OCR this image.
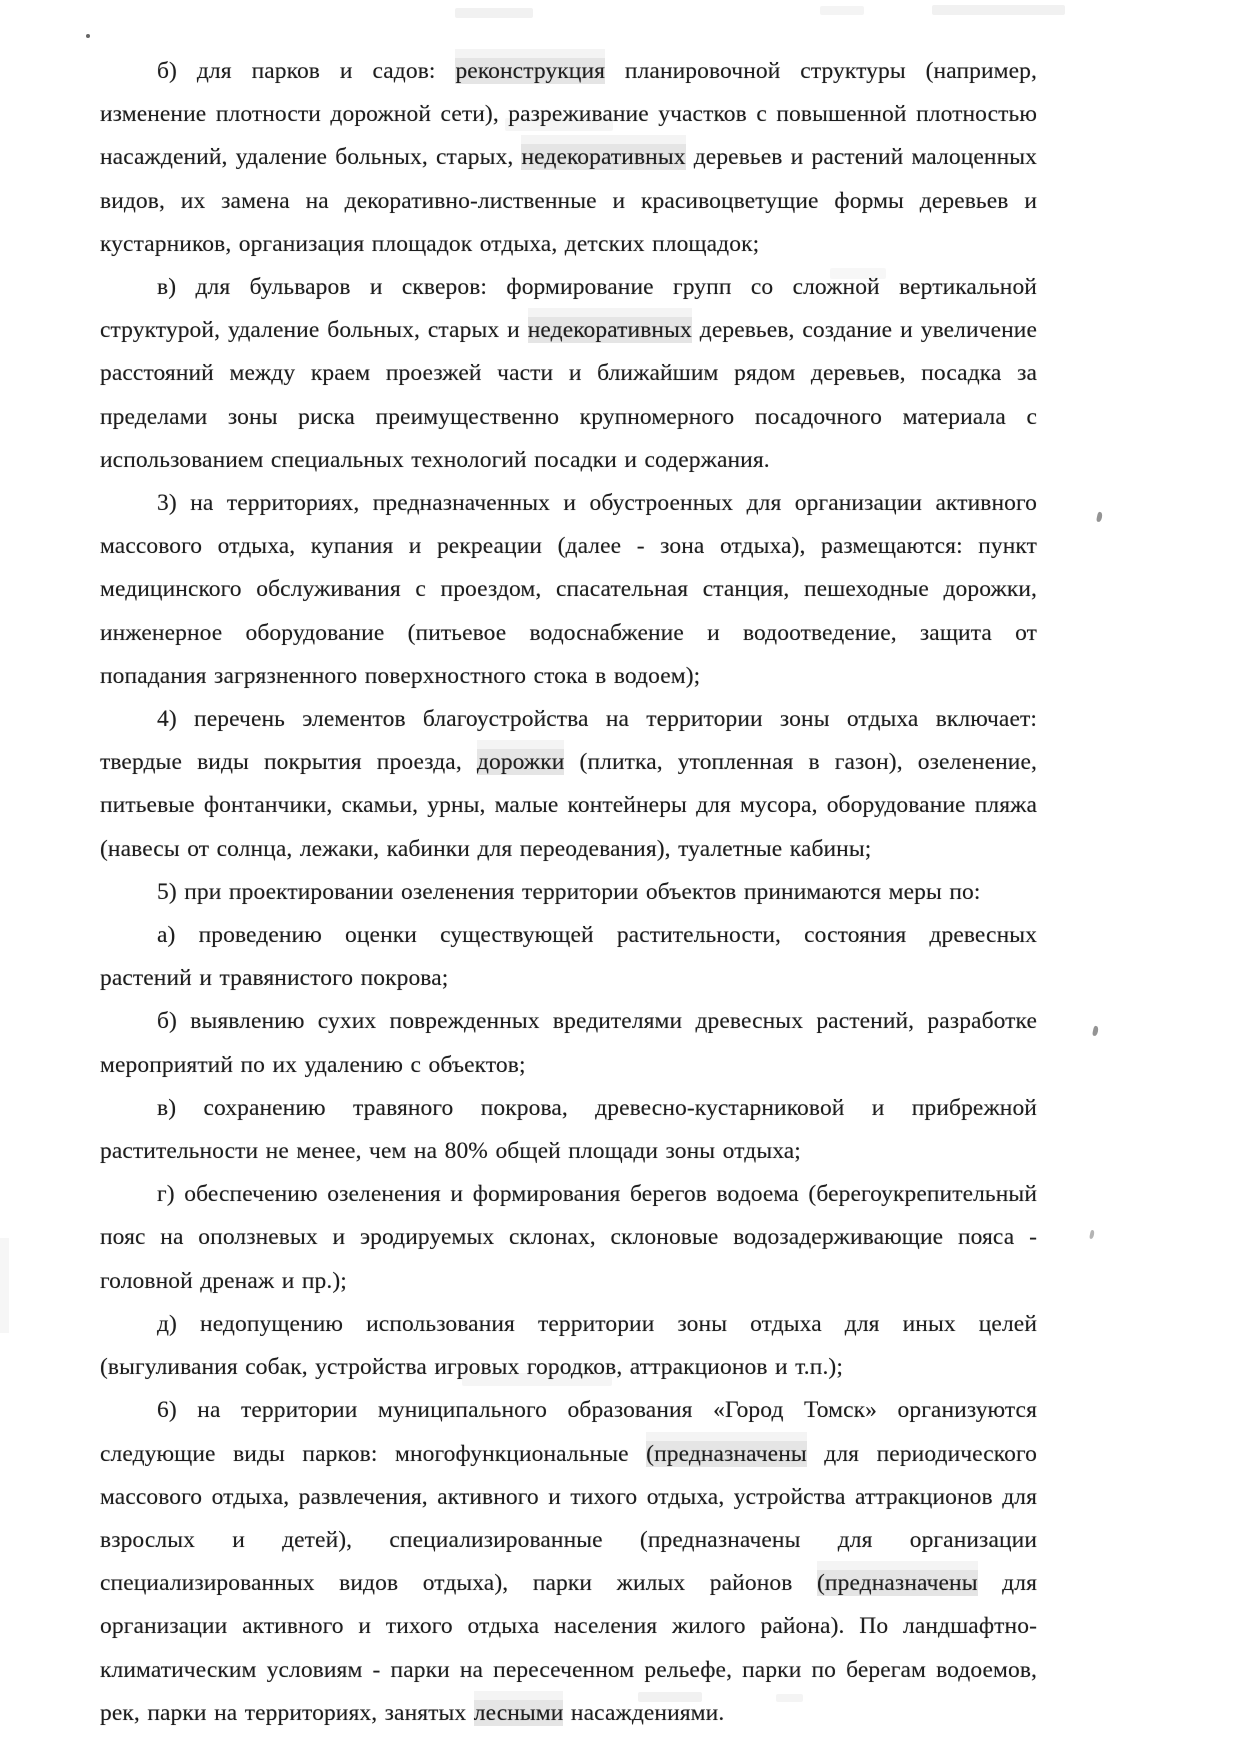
б) для парков и садов: реконструкция планировочной структуры (например, изменение плотности дорожной сети), разреживание участков с повышенной плотностью насаждений, удаление больных, старых, недекоративных деревьев и растений малоценных видов, их замена на декоративно-лиственные и красивоцветущие формы деревьев и кустарников, организация площадок отдыха, детских площадок;

в) для бульваров и скверов: формирование групп со сложной вертикальной структурой, удаление больных, старых и недекоративных деревьев, создание и увеличение расстояний между краем проезжей части и ближайшим рядом деревьев, посадка за пределами зоны риска преимущественно крупномерного посадочного материала с использованием специальных технологий посадки и содержания.

3) на территориях, предназначенных и обустроенных для организации активного массового отдыха, купания и рекреации (далее - зона отдыха), размещаются: пункт медицинского обслуживания с проездом, спасательная станция, пешеходные дорожки, инженерное оборудование (питьевое водоснабжение и водоотведение, защита от попадания загрязненного поверхностного стока в водоем);

4) перечень элементов благоустройства на территории зоны отдыха включает: твердые виды покрытия проезда, дорожки (плитка, утопленная в газон), озеленение, питьевые фонтанчики, скамьи, урны, малые контейнеры для мусора, оборудование пляжа (навесы от солнца, лежаки, кабинки для переодевания), туалетные кабины;

5) при проектировании озеленения территории объектов принимаются меры по:

а) проведению оценки существующей растительности, состояния древесных растений и травянистого покрова;

б) выявлению сухих поврежденных вредителями древесных растений, разработке мероприятий по их удалению с объектов;

в) сохранению травяного покрова, древесно-кустарниковой и прибрежной растительности не менее, чем на 80% общей площади зоны отдыха;

г) обеспечению озеленения и формирования берегов водоема (берегоукрепительный пояс на оползневых и эродируемых склонах, склоновые водозадерживающие пояса - головной дренаж и пр.);

д) недопущению использования территории зоны отдыха для иных целей (выгуливания собак, устройства игровых городков, аттракционов и т.п.);

6) на территории муниципального образования «Город Томск» организуются следующие виды парков: многофункциональные (предназначены для периодического массового отдыха, развлечения, активного и тихого отдыха, устройства аттракционов для взрослых и детей), специализированные (предназначены для организации специализированных видов отдыха), парки жилых районов (предназначены для организации активного и тихого отдыха населения жилого района). По ландшафтно-климатическим условиям - парки на пересеченном рельефе, парки по берегам водоемов, рек, парки на территориях, занятых лесными насаждениями.
